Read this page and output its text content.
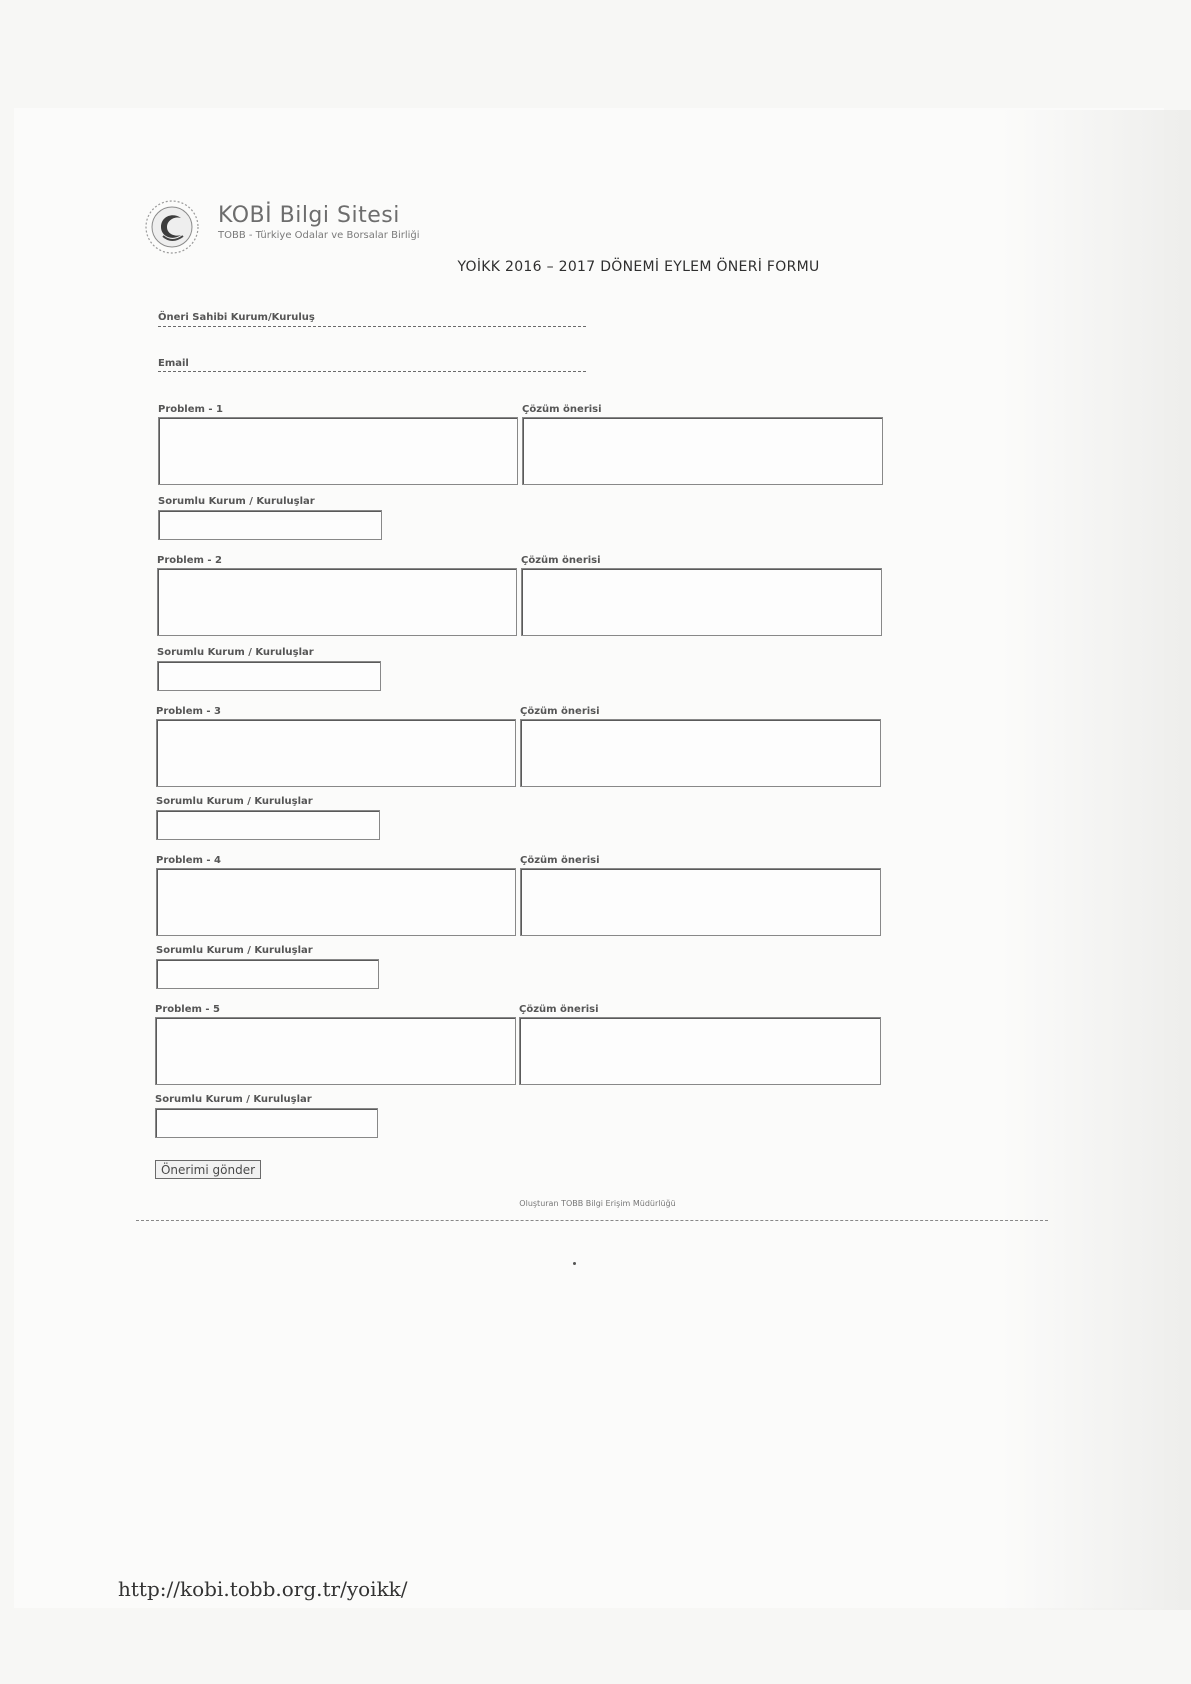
KOBİ Bilgi Sitesi
TOBB - Türkiye Odalar ve Borsalar Birliği
YOİKK 2016 – 2017 DÖNEMİ EYLEM ÖNERİ FORMU
Öneri Sahibi Kurum/Kuruluş
Email
Problem - 1	Çözüm önerisi
Sorumlu Kurum / Kuruluşlar
Problem - 2	Çözüm önerisi
Sorumlu Kurum / Kuruluşlar
Problem - 3	Çözüm önerisi
Sorumlu Kurum / Kuruluşlar
Problem - 4	Çözüm önerisi
Sorumlu Kurum / Kuruluşlar
Problem - 5	Çözüm önerisi
Sorumlu Kurum / Kuruluşlar
Önerimi gönder
Oluşturan TOBB Bilgi Erişim Müdürlüğü
http://kobi.tobb.org.tr/yoikk/
